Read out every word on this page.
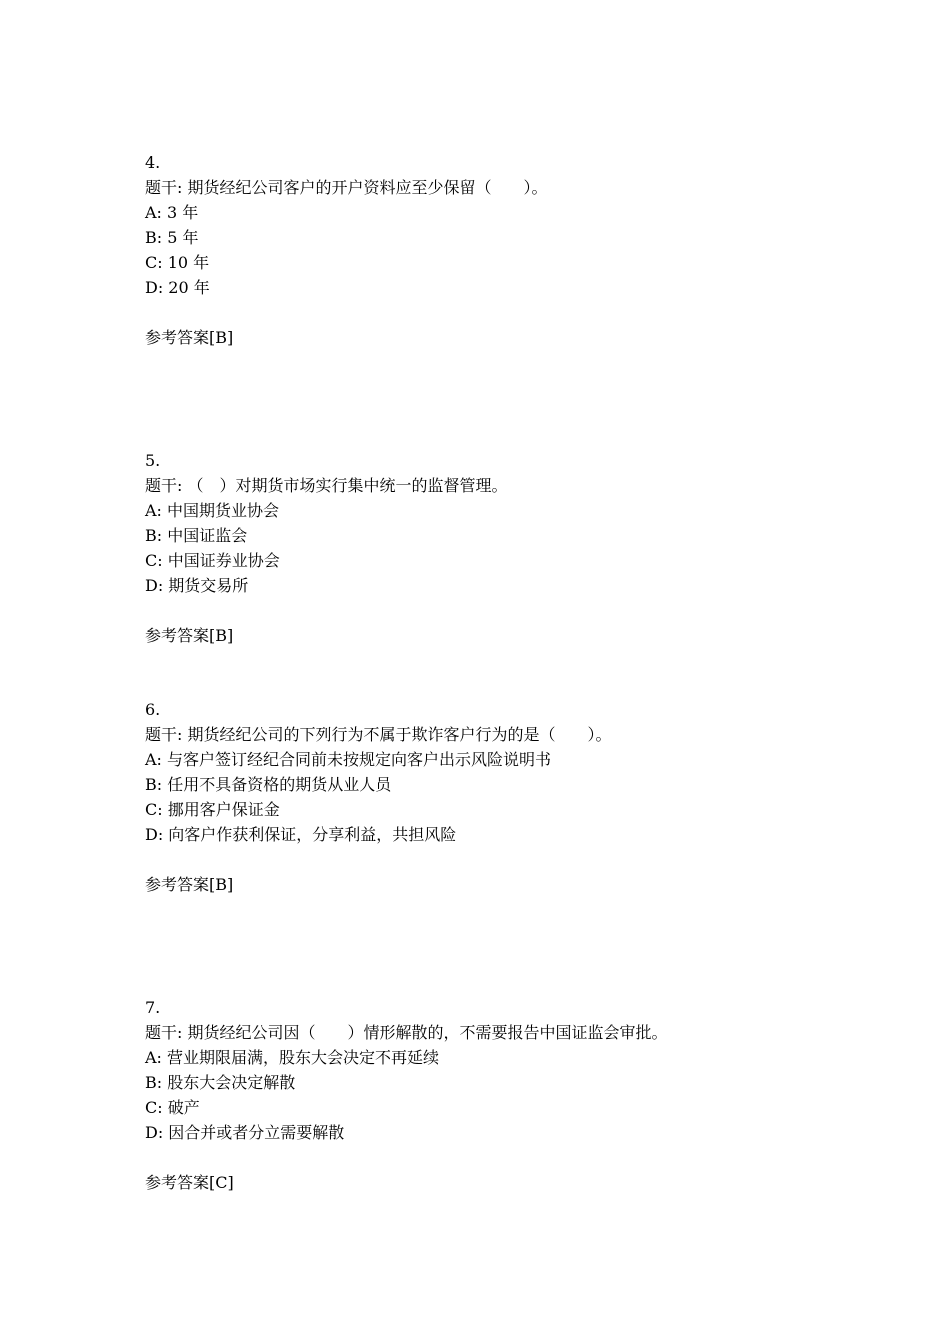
4.
题干: 期货经纪公司客户的开户资料应至少保留（　　）。
A: 3 年
B: 5 年
C: 10 年
D: 20 年
参考答案[B]
5.
题干: （　）对期货市场实行集中统一的监督管理。
A: 中国期货业协会
B: 中国证监会
C: 中国证券业协会
D: 期货交易所
参考答案[B]
6.
题干: 期货经纪公司的下列行为不属于欺诈客户行为的是（　　）。
A: 与客户签订经纪合同前未按规定向客户出示风险说明书
B: 任用不具备资格的期货从业人员
C: 挪用客户保证金
D: 向客户作获利保证，分享利益，共担风险
参考答案[B]
7.
题干: 期货经纪公司因（　　）情形解散的，不需要报告中国证监会审批。
A: 营业期限届满，股东大会决定不再延续
B: 股东大会决定解散
C: 破产
D: 因合并或者分立需要解散
参考答案[C]
